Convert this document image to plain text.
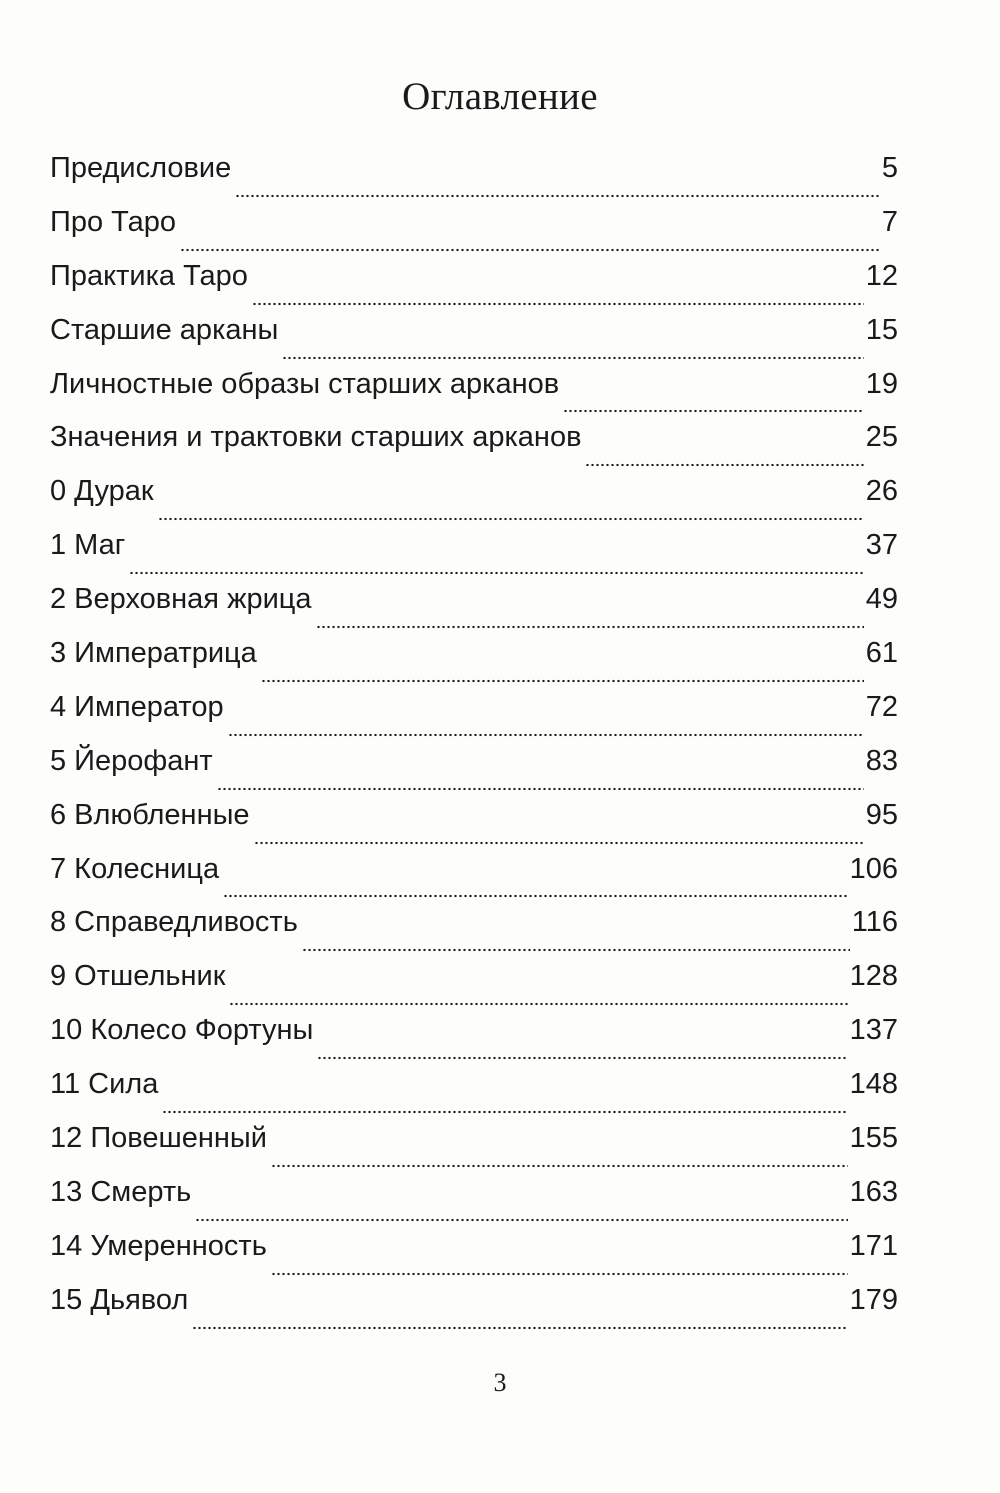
Оглавление
Предисловие	5
Про Таро	7
Практика Таро	12
Старшие арканы	15
Личностные образы старших арканов	19
Значения и трактовки старших арканов	25
0 Дурак	26
1 Маг	37
2 Верховная жрица	49
3 Императрица	61
4 Император	72
5 Йерофант	83
6 Влюбленные	95
7 Колесница	106
8 Справедливость	116
9 Отшельник	128
10 Колесо Фортуны	137
11 Сила	148
12 Повешенный	155
13 Смерть	163
14 Умеренность	171
15 Дьявол	179
3
